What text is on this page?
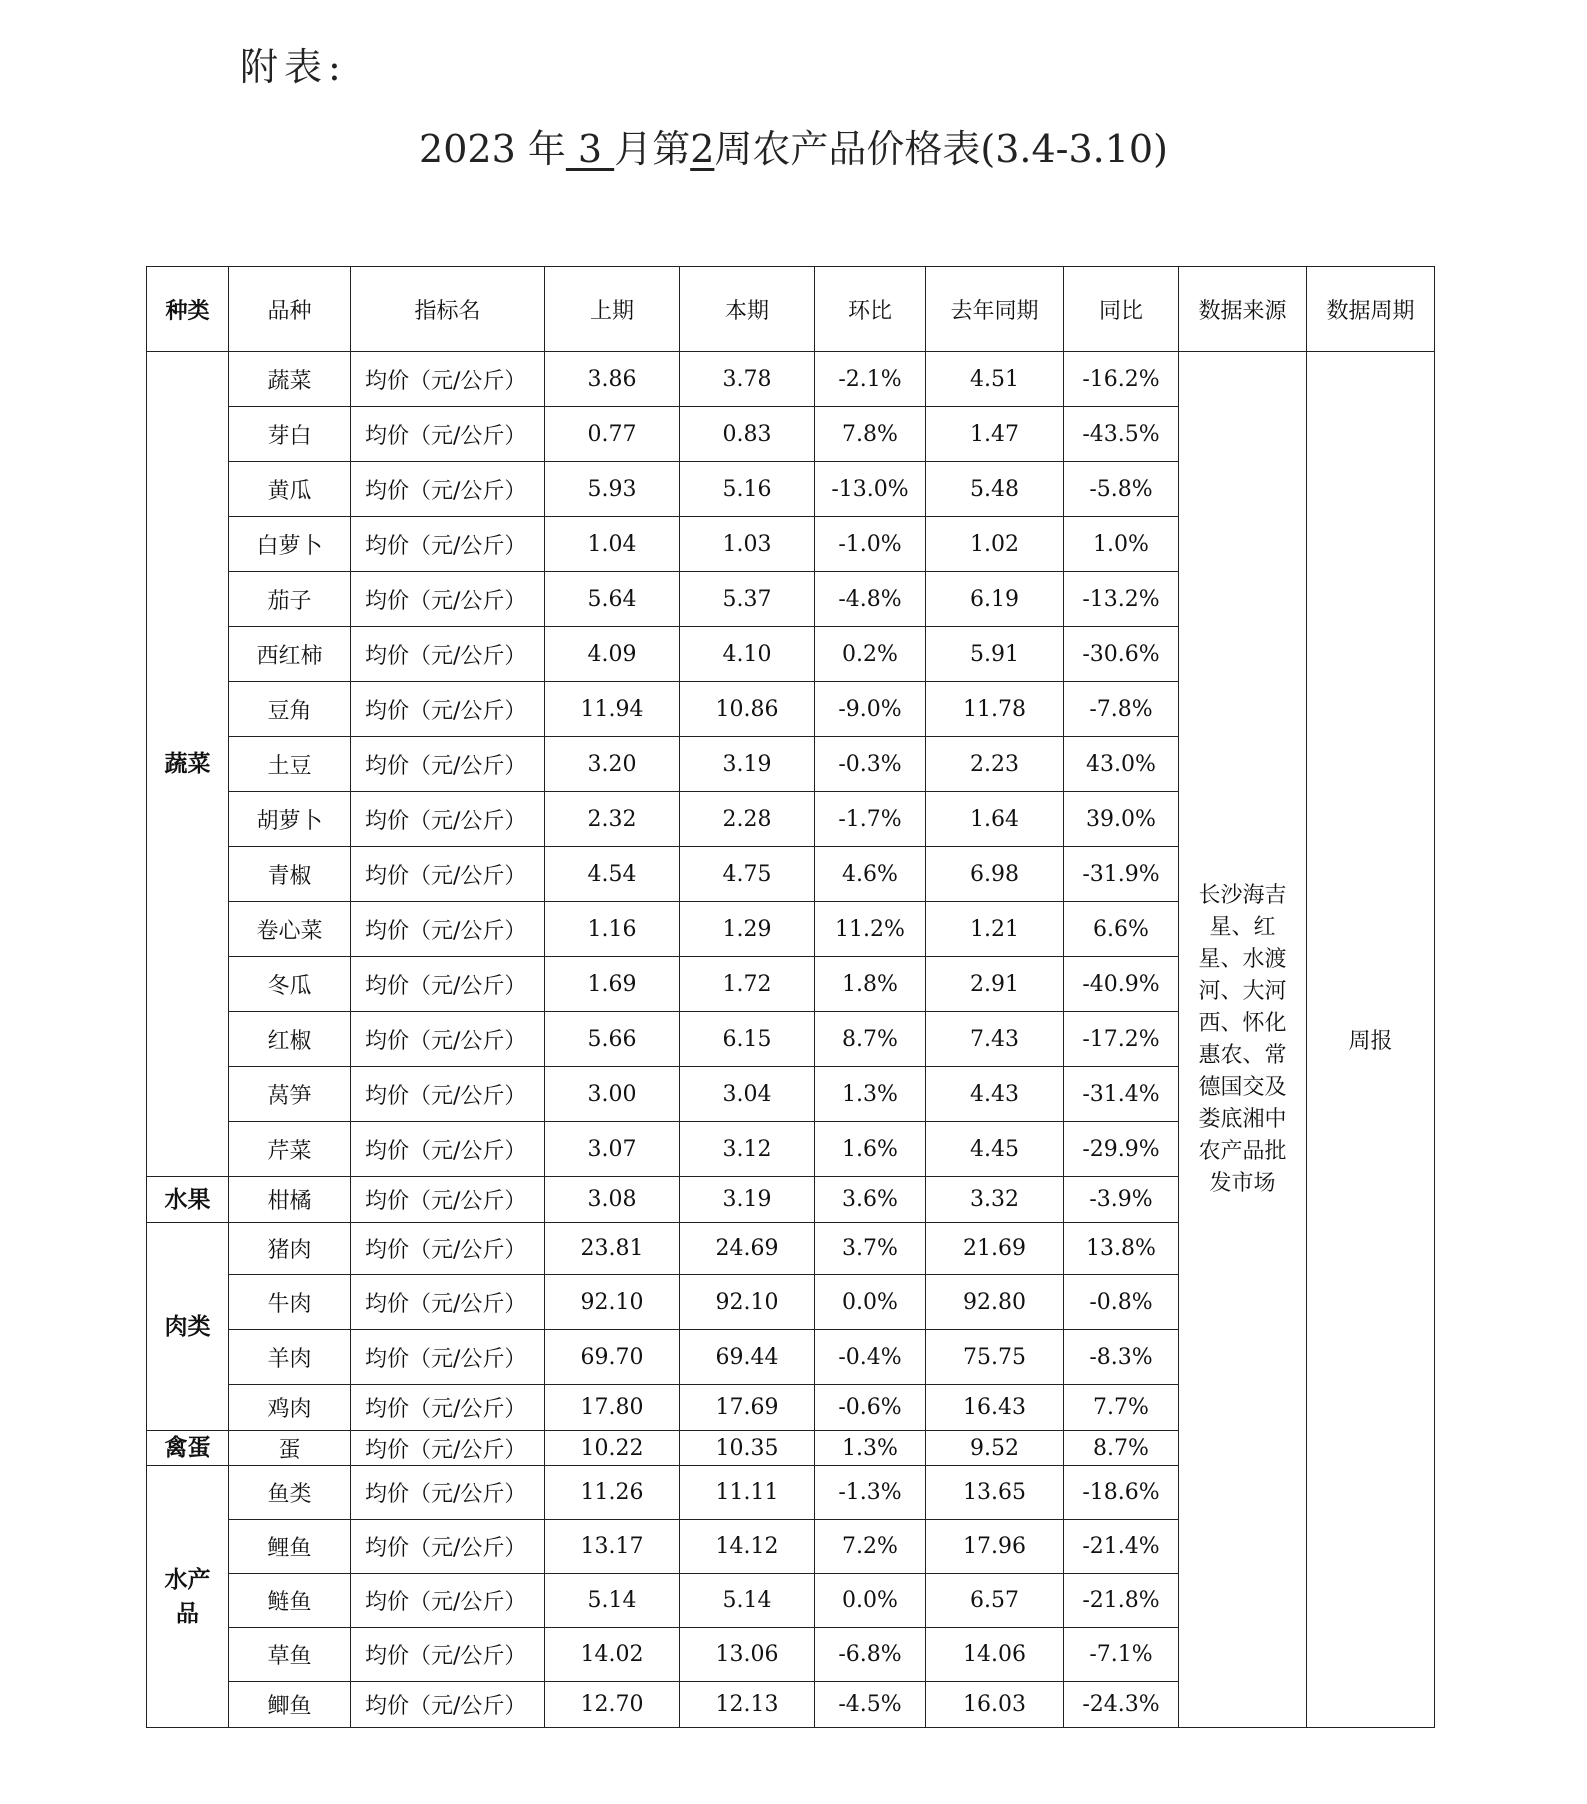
附表:
2023 年 3 月第2周农产品价格表(3.4-3.10)
种类	品种	指标名	上期	本期	环比	去年同期	同比	数据来源	数据周期
蔬菜	蔬菜	均价（元/公斤）	3.86	3.78	-2.1%	4.51	-16.2%	长沙海吉星、红星、水渡河、大河西、怀化惠农、常德国交及娄底湘中农产品批发市场	周报
	芽白	均价（元/公斤）	0.77	0.83	7.8%	1.47	-43.5%		
	黄瓜	均价（元/公斤）	5.93	5.16	-13.0%	5.48	-5.8%		
	白萝卜	均价（元/公斤）	1.04	1.03	-1.0%	1.02	1.0%		
	茄子	均价（元/公斤）	5.64	5.37	-4.8%	6.19	-13.2%		
	西红柿	均价（元/公斤）	4.09	4.10	0.2%	5.91	-30.6%		
	豆角	均价（元/公斤）	11.94	10.86	-9.0%	11.78	-7.8%		
	土豆	均价（元/公斤）	3.20	3.19	-0.3%	2.23	43.0%		
	胡萝卜	均价（元/公斤）	2.32	2.28	-1.7%	1.64	39.0%		
	青椒	均价（元/公斤）	4.54	4.75	4.6%	6.98	-31.9%		
	卷心菜	均价（元/公斤）	1.16	1.29	11.2%	1.21	6.6%		
	冬瓜	均价（元/公斤）	1.69	1.72	1.8%	2.91	-40.9%		
	红椒	均价（元/公斤）	5.66	6.15	8.7%	7.43	-17.2%		
	莴笋	均价（元/公斤）	3.00	3.04	1.3%	4.43	-31.4%		
	芹菜	均价（元/公斤）	3.07	3.12	1.6%	4.45	-29.9%		
水果	柑橘	均价（元/公斤）	3.08	3.19	3.6%	3.32	-3.9%		
肉类	猪肉	均价（元/公斤）	23.81	24.69	3.7%	21.69	13.8%		
	牛肉	均价（元/公斤）	92.10	92.10	0.0%	92.80	-0.8%		
	羊肉	均价（元/公斤）	69.70	69.44	-0.4%	75.75	-8.3%		
	鸡肉	均价（元/公斤）	17.80	17.69	-0.6%	16.43	7.7%		
禽蛋	蛋	均价（元/公斤）	10.22	10.35	1.3%	9.52	8.7%		
水产品	鱼类	均价（元/公斤）	11.26	11.11	-1.3%	13.65	-18.6%		
	鲤鱼	均价（元/公斤）	13.17	14.12	7.2%	17.96	-21.4%		
	鲢鱼	均价（元/公斤）	5.14	5.14	0.0%	6.57	-21.8%		
	草鱼	均价（元/公斤）	14.02	13.06	-6.8%	14.06	-7.1%		
	鲫鱼	均价（元/公斤）	12.70	12.13	-4.5%	16.03	-24.3%		
